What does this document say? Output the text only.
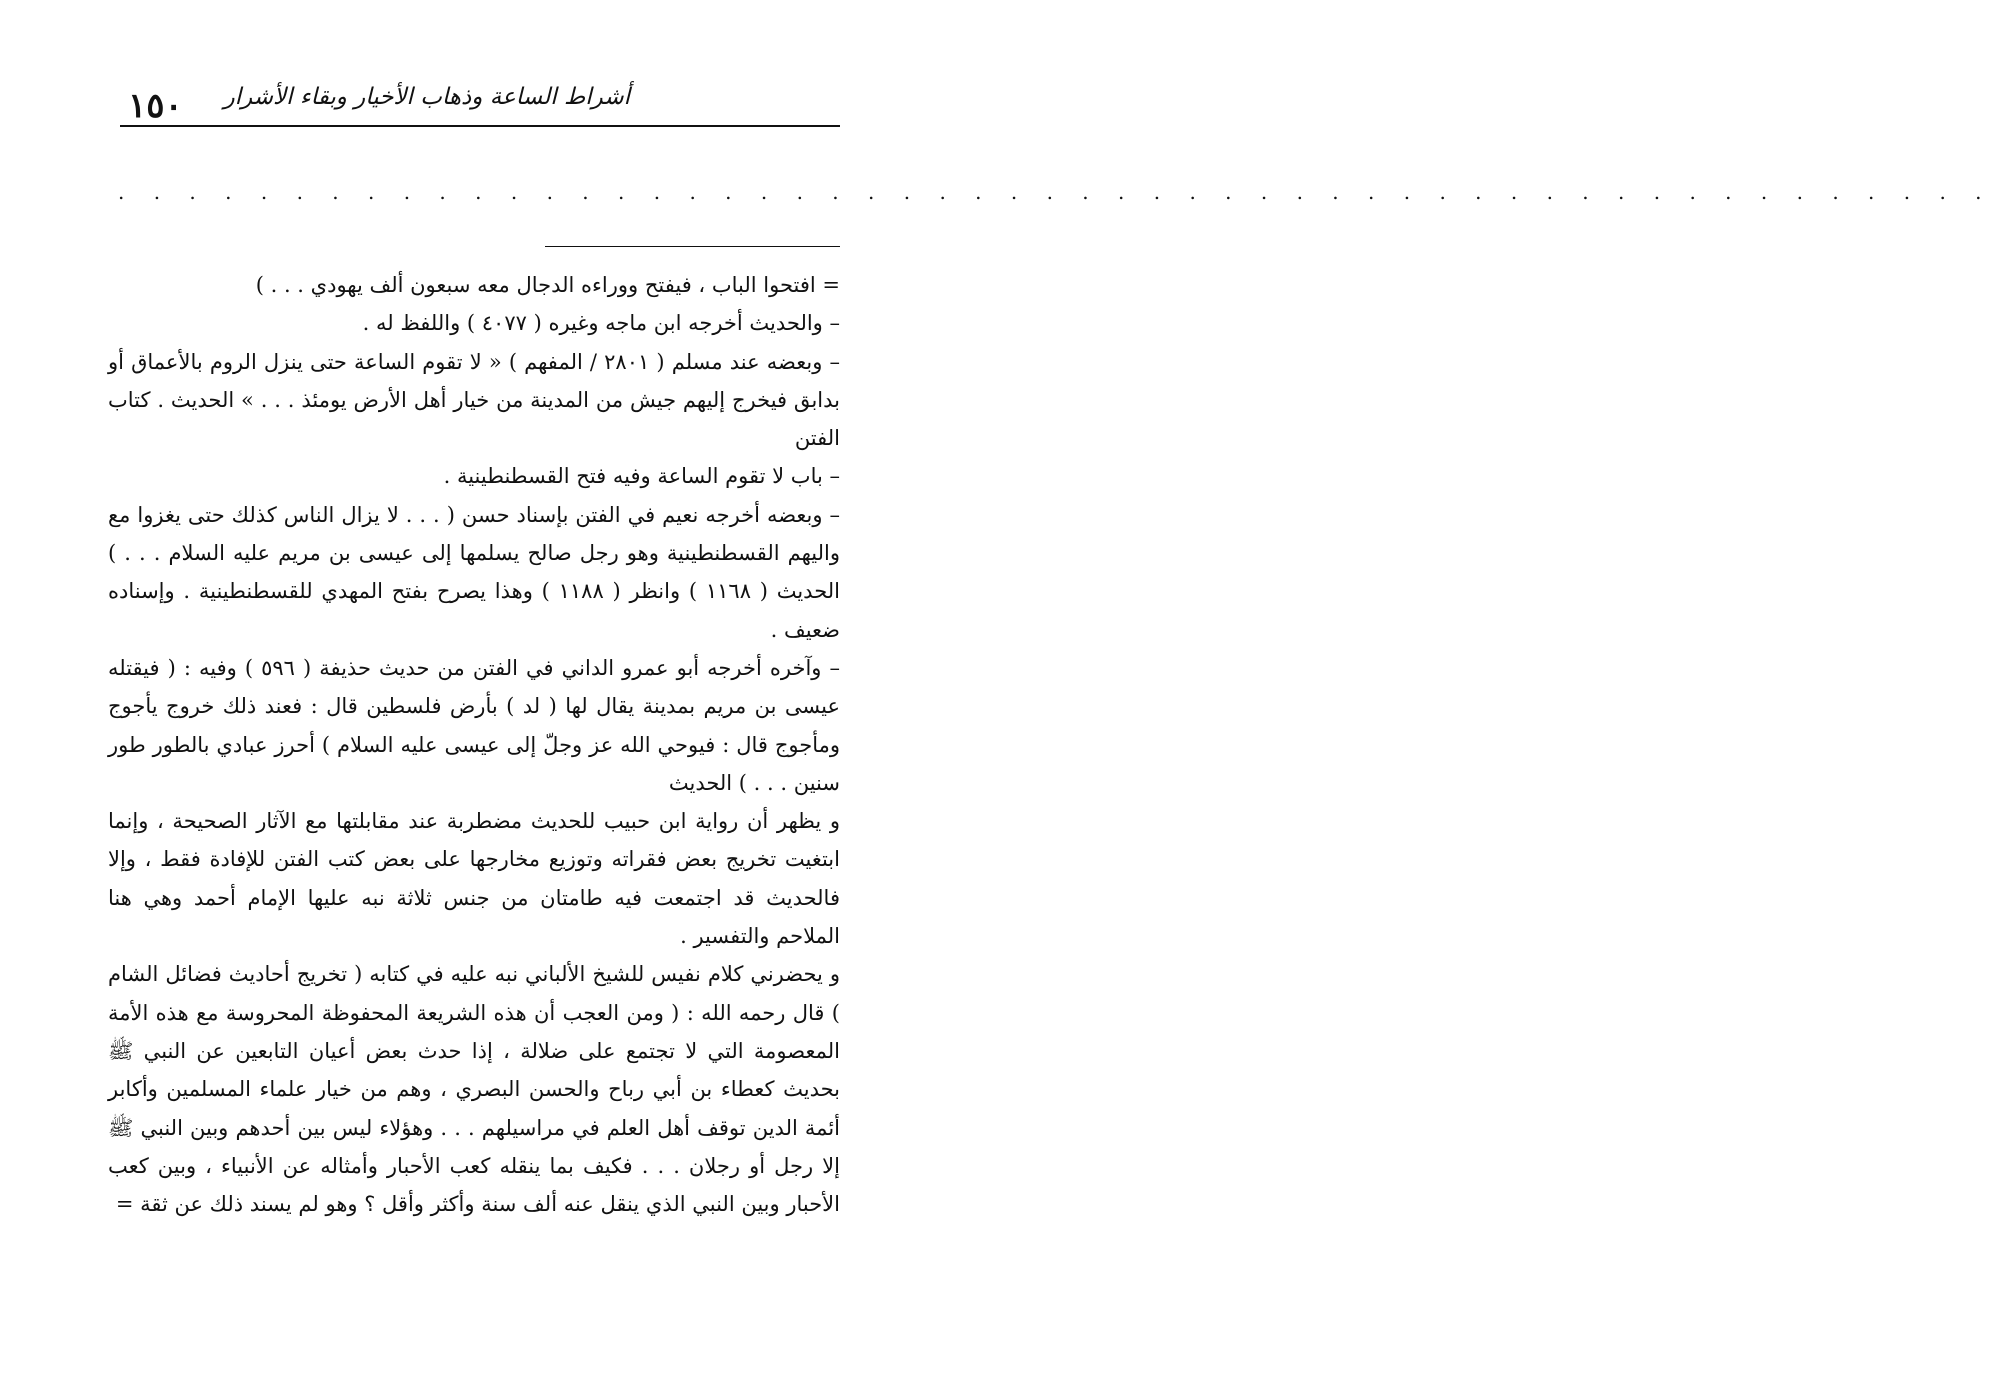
١٥٠ أشراط الساعة وذهاب الأخيار وبقاء الأشرار
. . . . . . . . . . . . . . . . . . . . . . . . . . . . . . . . . . . . . . . . . . . . . . . . . . . . .

= افتحوا الباب ، فيفتح ووراءه الدجال معه سبعون ألف يهودي . . . )

– والحديث أخرجه ابن ماجه وغيره ( ٤٠٧٧ ) واللفظ له .

– وبعضه عند مسلم ( ٢٨٠١ / المفهم ) « لا تقوم الساعة حتى ينزل الروم بالأعماق أو بدابق فيخرج إليهم جيش من المدينة من خيار أهل الأرض يومئذ . . . » الحديث . كتاب الفتن

– باب لا تقوم الساعة وفيه فتح القسطنطينية .

– وبعضه أخرجه نعيم في الفتن بإسناد حسن ( . . . لا يزال الناس كذلك حتى يغزوا مع واليهم القسطنطينية وهو رجل صالح يسلمها إلى عيسى بن مريم عليه السلام . . . ) الحديث ( ١١٦٨ ) وانظر ( ١١٨٨ ) وهذا يصرح بفتح المهدي للقسطنطينية . وإسناده ضعيف .

– وآخره أخرجه أبو عمرو الداني في الفتن من حديث حذيفة ( ٥٩٦ ) وفيه : ( فيقتله عيسى بن مريم بمدينة يقال لها ( لد ) بأرض فلسطين قال : فعند ذلك خروج يأجوج ومأجوج قال : فيوحي الله عز وجلّ إلى عيسى عليه السلام ) أحرز عبادي بالطور طور سنين . . . ) الحديث

و يظهر أن رواية ابن حبيب للحديث مضطربة عند مقابلتها مع الآثار الصحيحة ، وإنما ابتغيت تخريج بعض فقراته وتوزيع مخارجها على بعض كتب الفتن للإفادة فقط ، وإلا فالحديث قد اجتمعت فيه طامتان من جنس ثلاثة نبه عليها الإمام أحمد وهي هنا الملاحم والتفسير .

و يحضرني كلام نفيس للشيخ الألباني نبه عليه في كتابه ( تخريج أحاديث فضائل الشام ) قال رحمه الله : ( ومن العجب أن هذه الشريعة المحفوظة المحروسة مع هذه الأمة المعصومة التي لا تجتمع على ضلالة ، إذا حدث بعض أعيان التابعين عن النبي ﷺ بحديث كعطاء بن أبي رباح والحسن البصري ، وهم من خيار علماء المسلمين وأكابر أئمة الدين توقف أهل العلم في مراسيلهم . . . وهؤلاء ليس بين أحدهم وبين النبي ﷺ إلا رجل أو رجلان . . . فكيف بما ينقله كعب الأحبار وأمثاله عن الأنبياء ، وبين كعب الأحبار وبين النبي الذي ينقل عنه ألف سنة وأكثر وأقل ؟ وهو لم يسند ذلك عن ثقة =
